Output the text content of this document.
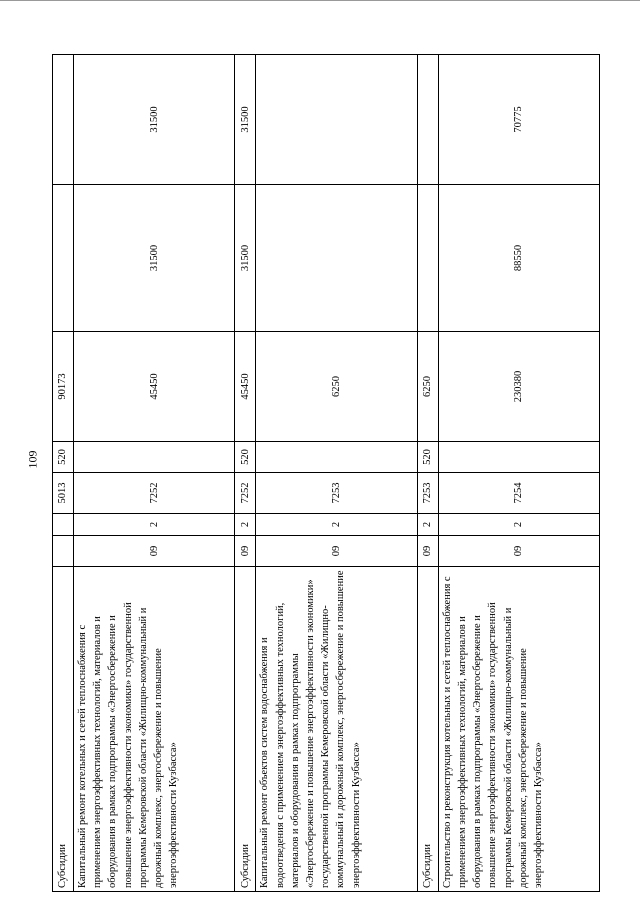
109
Субсидии			5013	520	90173		
Капитальный ремонт котельных и сетей теплоснабжения с применением энергоэффективных технологий, материалов и оборудования в рамках подпрограммы «Энергосбережение и повышение энергоэффективности экономики» государственной программы Кемеровской области «Жилищно-коммунальный и дорожный комплекс, энергосбережение и повышение энергоэффективности Кузбасса»	09	2	7252		45450	31500	31500
Субсидии	09	2	7252	520	45450	31500	31500
Капитальный ремонт объектов систем водоснабжения и водоотведения с применением энергоэффективных технологий, материалов и оборудования в рамках подпрограммы «Энергосбережение и повышение энергоэффективности экономики» государственной программы Кемеровской области «Жилищно-коммунальный и дорожный комплекс, энергосбережение и повышение энергоэффективности Кузбасса»	09	2	7253		6250		
Субсидии	09	2	7253	520	6250		
Строительство и реконструкция котельных и сетей теплоснабжения с применением энергоэффективных технологий, материалов и оборудования в рамках подпрограммы «Энергосбережение и повышение энергоэффективности экономики» государственной программы Кемеровской области «Жилищно-коммунальный и дорожный комплекс, энергосбережение и повышение энергоэффективности Кузбасса»	09	2	7254		230380	88550	70775
